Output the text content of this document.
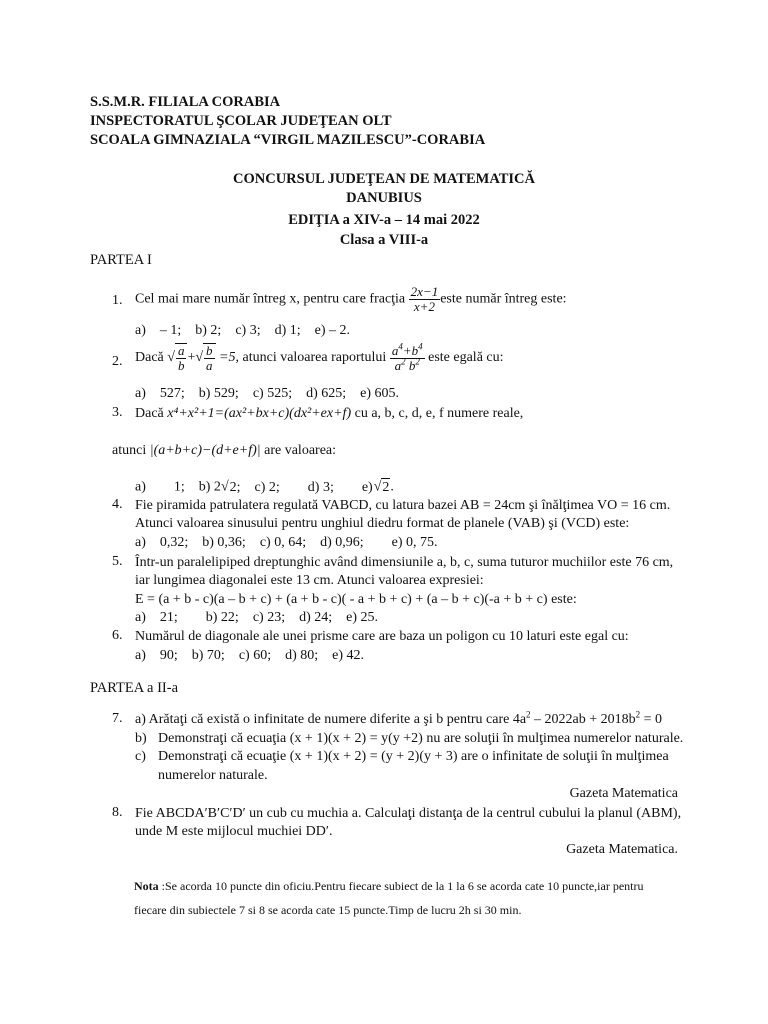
S.S.M.R. FILIALA CORABIA
INSPECTORATUL ŞCOLAR JUDEŢEAN OLT
SCOALA GIMNAZIALA “VIRGIL MAZILESCU”-CORABIA
CONCURSUL JUDEŢEAN DE MATEMATICĂ
DANUBIUS
EDIŢIA a XIV-a – 14 mai 2022
Clasa a VIII-a
PARTEA I
1. Cel mai mare număr întreg x, pentru care fracţia $\frac{2x-1}{x+2}$ este număr întreg este:
a) – 1; b) 2; c) 3; d) 1; e) – 2.
2. Dacă √ $\frac{a}{b}$ +√ $\frac{b}{a} =5$, atunci valoarea raportului $\frac{a^4+b^4}{a^2 b^2}$ este egală cu:
a) 527; b) 529; c) 525; d) 625; e) 605.
3. Dacă x⁴+x²+1=(ax²+bx+c)(dx²+ex+f) cu a, b, c, d, e, f numere reale,
atunci |(a+b+c)−(d+e+f)| are valoarea:
a)  1; b) 2√2; c) 2;  d) 3;  e)√2.
4. Fie piramida patrulatera regulată VABCD, cu latura bazei AB = 24cm şi înălţimea VO = 16 cm.
Atunci valoarea sinusului pentru unghiul diedru format de planele (VAB) şi (VCD) este:
a) 0,32; b) 0,36; c) 0, 64; d) 0,96;  e) 0, 75.
5. Într-un paralelipiped dreptunghic având dimensiunile a, b, c, suma tuturor muchiilor este 76 cm,
iar lungimea diagonalei este 13 cm. Atunci valoarea expresiei:
E = (a + b - c)(a – b + c) + (a + b - c)( - a + b + c) + (a – b + c)(-a + b + c) este:
a) 21;  b) 22; c) 23; d) 24; e) 25.
6. Numărul de diagonale ale unei prisme care are baza un poligon cu 10 laturi este egal cu:
a) 90; b) 70; c) 60; d) 80; e) 42.
PARTEA a II-a
7. a) Arătaţi că există o infinitate de numere diferite a şi b pentru care $4a^2 - 2022ab + 2018b^2 = 0$
b) Demonstraţi că ecuaţia (x + 1)(x + 2) = y(y +2) nu are soluţii în mulţimea numerelor naturale.
c) Demonstraţi că ecuaţie (x + 1)(x + 2) = (y + 2)(y + 3) are o infinitate de soluţii în mulţimea
numerelor naturale.
Gazeta Matematica
8. Fie ABCDA′B′C′D′ un cub cu muchia a. Calculaţi distanţa de la centrul cubului la planul (ABM),
unde M este mijlocul muchiei DD′.
Gazeta Matematica.
Nota :Se acorda 10 puncte din oficiu.Pentru fiecare subiect de la 1 la 6 se acorda cate 10 puncte,iar pentru fiecare din subiectele 7 si 8 se acorda cate 15 puncte.Timp de lucru 2h si 30 min.
